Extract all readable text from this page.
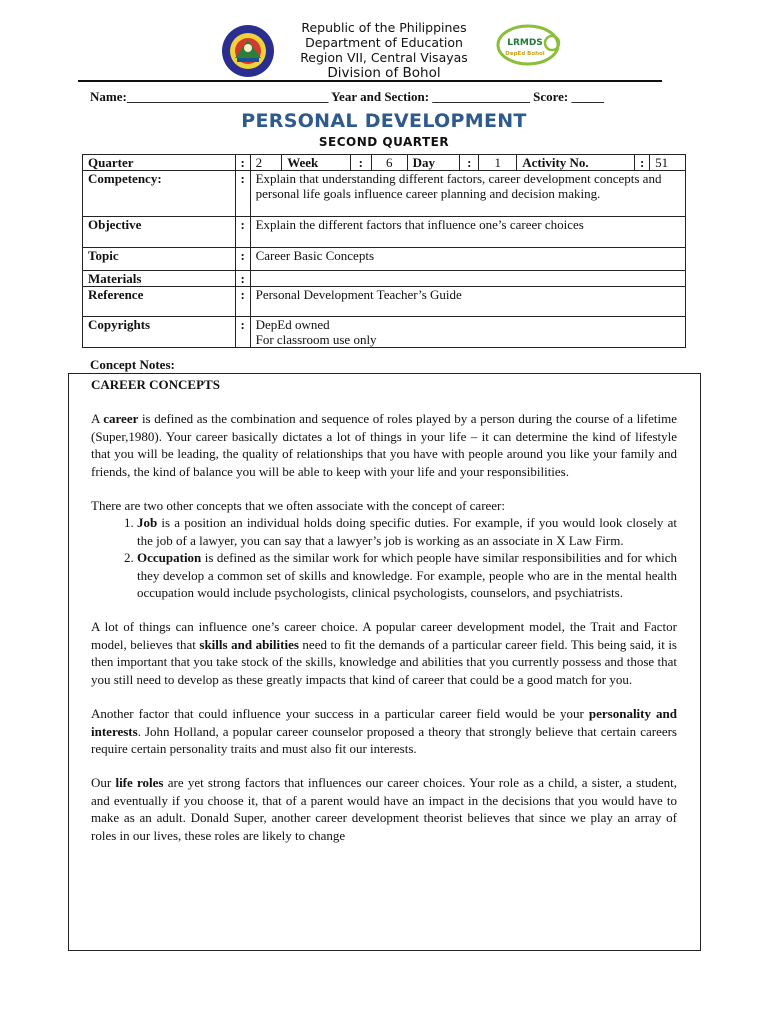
Republic of the Philippines
Department of Education
Region VII, Central Visayas
Division of Bohol
LRMDS
DepEd Bohol
Name:_______________________________ Year and Section: _______________ Score: _____
PERSONAL DEVELOPMENT
SECOND QUARTER
Quarter	:	2	Week	:	6	Day	:	1	Activity No.	:	51
Competency:	:	Explain that understanding different factors, career development concepts and personal life goals influence career planning and decision making.									
Objective	:	Explain the different factors that influence one’s career choices									
Topic	:	Career Basic Concepts									
Materials	:										
Reference	:	Personal Development Teacher’s Guide									
Copyrights	:	DepEd owned
For classroom use only									
Concept Notes:

CAREER CONCEPTS

A career is defined as the combination and sequence of roles played by a person during the course of a lifetime (Super,1980). Your career basically dictates a lot of things in your life – it can determine the kind of lifestyle that you will be leading, the quality of relationships that you have with people around you like your family and friends, the kind of balance you will be able to keep with your life and your responsibilities.

There are two other concepts that we often associate with the concept of career:

1. Job is a position an individual holds doing specific duties. For example, if you would look closely at the job of a lawyer, you can say that a lawyer’s job is working as an associate in X Law Firm.
2. Occupation is defined as the similar work for which people have similar responsibilities and for which they develop a common set of skills and knowledge. For example, people who are in the mental health occupation would include psychologists, clinical psychologists, counselors, and psychiatrists.

A lot of things can influence one’s career choice. A popular career development model, the Trait and Factor model, believes that skills and abilities need to fit the demands of a particular career field. This being said, it is then important that you take stock of the skills, knowledge and abilities that you currently possess and those that you still need to develop as these greatly impacts that kind of career that could be a good match for you.

Another factor that could influence your success in a particular career field would be your personality and interests. John Holland, a popular career counselor proposed a theory that strongly believe that certain careers require certain personality traits and must also fit our interests.

Our life roles are yet strong factors that influences our career choices. Your role as a child, a sister, a student, and eventually if you choose it, that of a parent would have an impact in the decisions that you would have to make as an adult. Donald Super, another career development theorist believes that since we play an array of roles in our lives, these roles are likely to change
